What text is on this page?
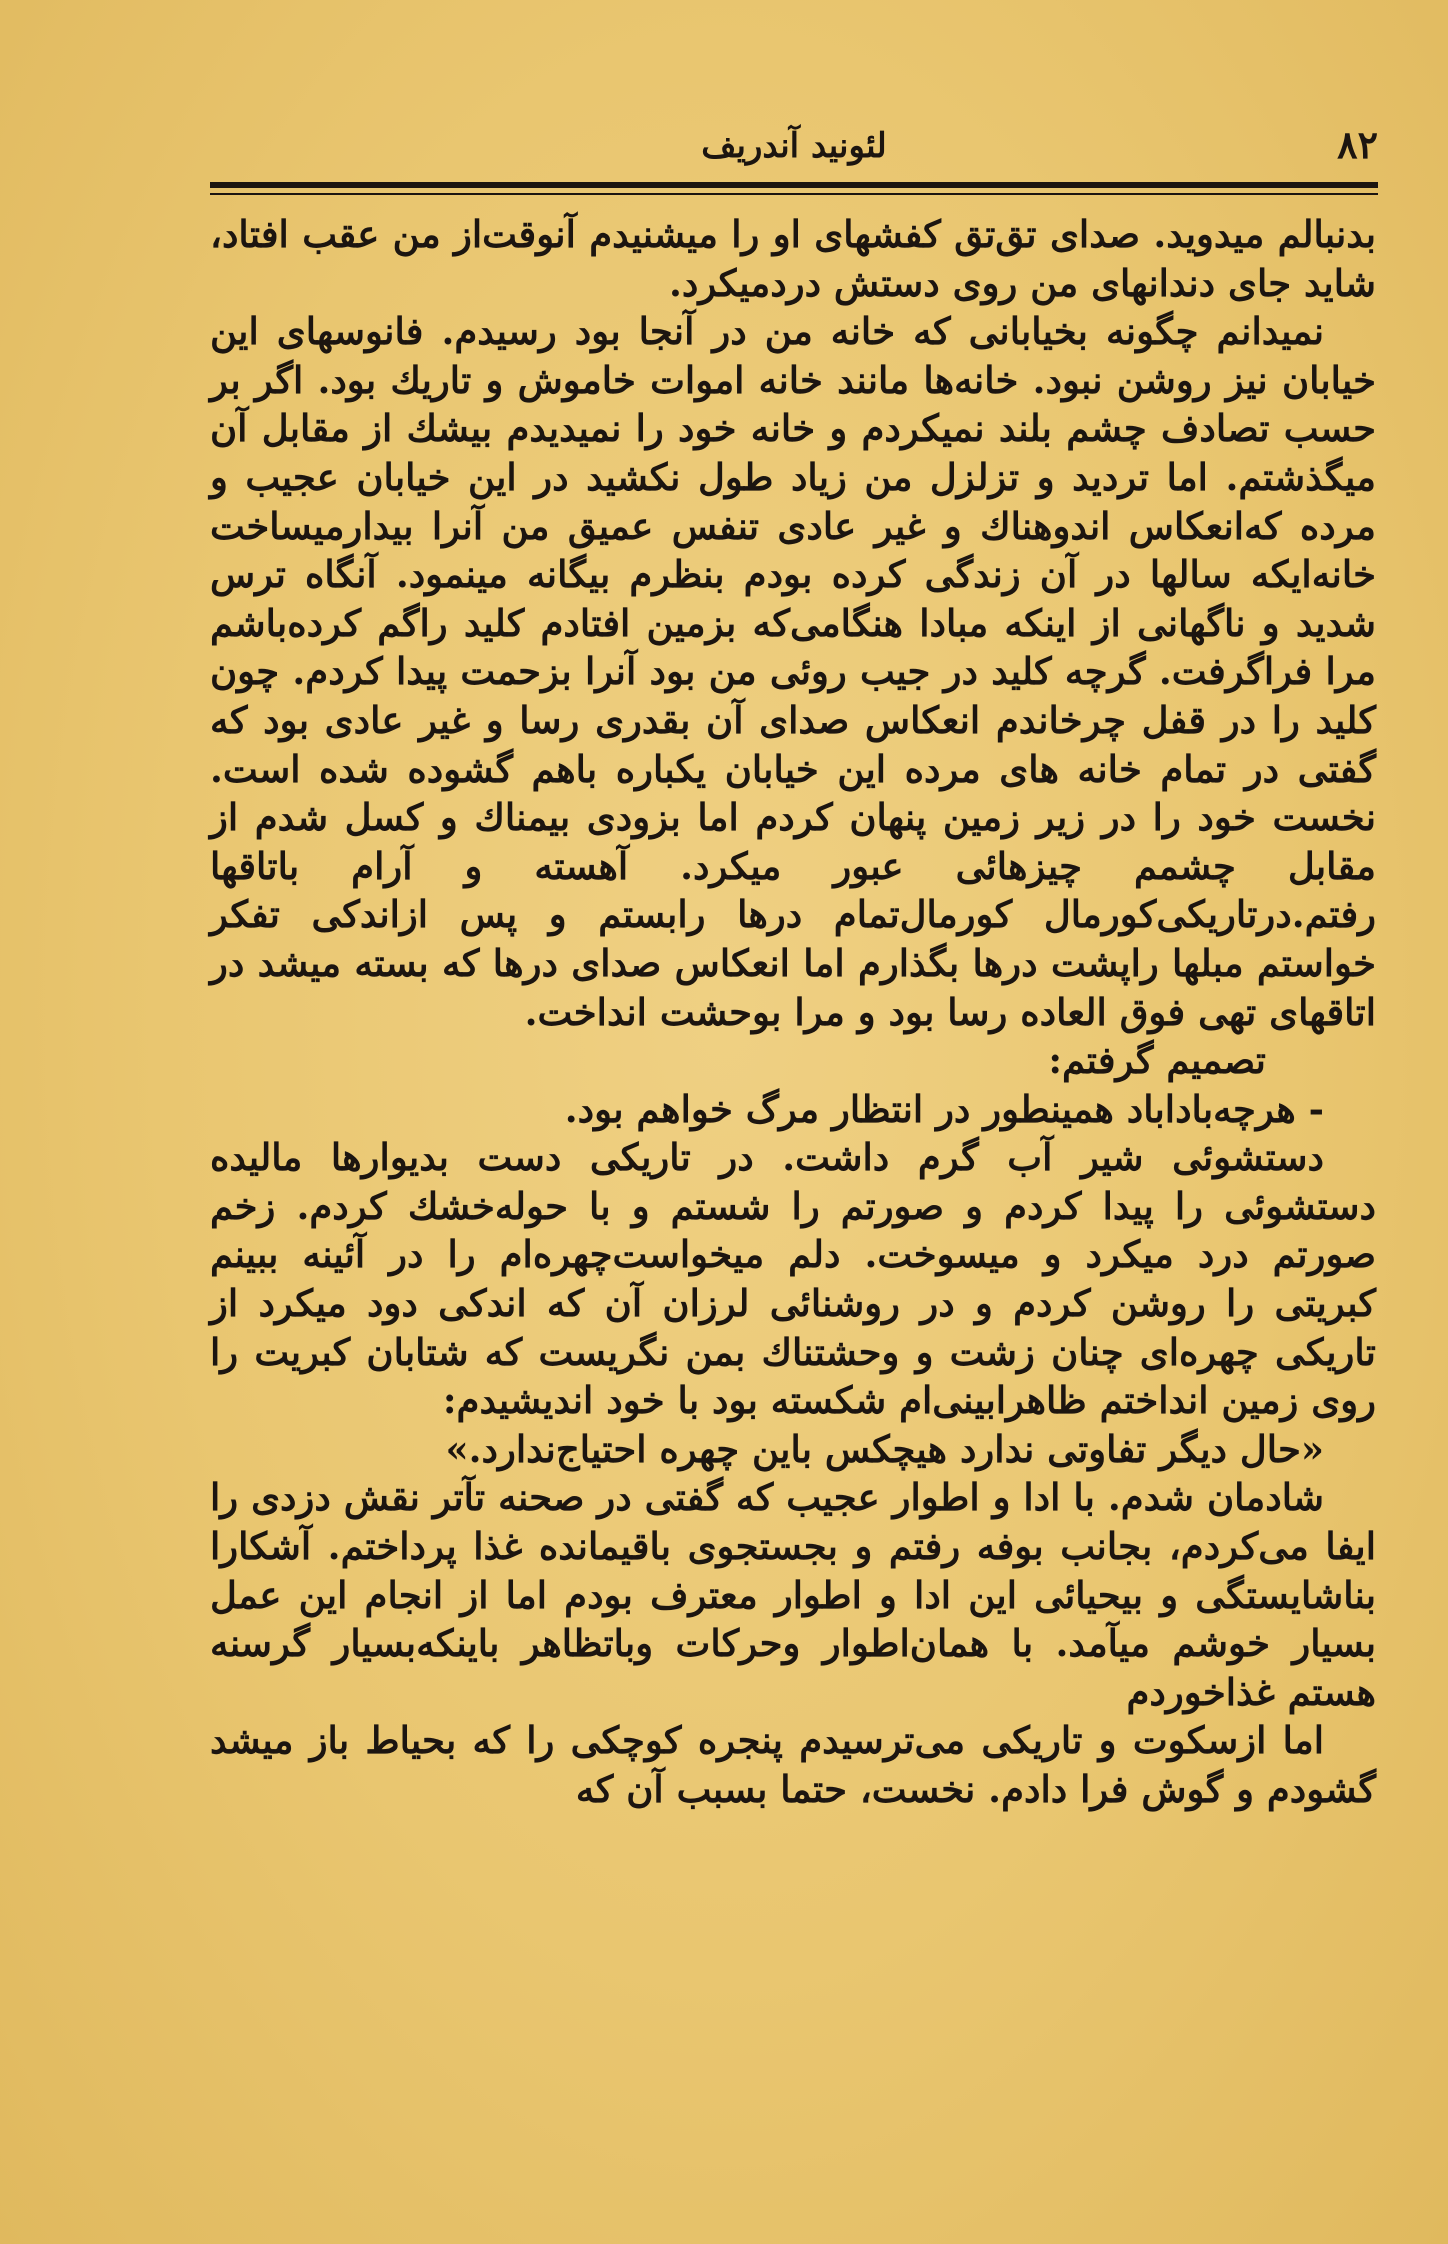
۸۲
لئونید آندریف

بدنبالم میدوید. صدای تق‌تق کفشهای او را میشنیدم آنوقت‌از من عقب افتاد، شاید جای دندانهای من روی دستش دردمیکرد.

نمیدانم چگونه بخیابانی که خانه من در آنجا بود رسیدم. فانوسهای این خیابان نیز روشن نبود. خانه‌ها مانند خانه اموات خاموش و تاریك بود. اگر بر حسب تصادف چشم بلند نمیکردم و خانه خود را نمیدیدم بیشك از مقابل آن میگذشتم. اما تردید و تزلزل من زیاد طول نکشید در این خیابان عجیب و مرده که‌انعکاس اندوهناك و غیر عادی تنفس عمیق من آنرا بیدارمیساخت خانه‌ایکه سالها در آن زندگی کرده بودم بنظرم بیگانه مینمود. آنگاه ترس شدید و ناگهانی از اینکه مبادا هنگامی‌که بزمین افتادم کلید راگم کرده‌باشم مرا فراگرفت. گرچه کلید در جیب روئی من بود آنرا بزحمت پیدا کردم. چون کلید را در قفل چرخاندم انعکاس صدای آن بقدری رسا و غیر عادی بود که گفتی در تمام خانه های مرده این خیابان یکباره باهم گشوده شده است. نخست خود را در زیر زمین پنهان کردم اما بزودی بیمناك و کسل شدم از مقابل چشمم چیزهائی عبور میکرد. آهسته و آرام باتاقها رفتم.درتاریکی‌کورمال کورمال‌تمام درها رابستم و پس ازاندکی تفکر خواستم مبلها راپشت درها بگذارم اما انعکاس صدای درها که بسته میشد در اتاقهای تهی فوق العاده رسا بود و مرا بوحشت انداخت.

تصمیم گرفتم:

- هرچه‌باداباد همینطور در انتظار مرگ خواهم بود.

دستشوئی شیر آب گرم داشت. در تاریکی دست بدیوارها مالیده دستشوئی را پیدا کردم و صورتم را شستم و با حوله‌خشك کردم. زخم صورتم درد میکرد و میسوخت. دلم میخواست‌چهره‌ام را در آئینه ببینم کبریتی را روشن کردم و در روشنائی لرزان آن که اندکی دود میکرد از تاریکی چهره‌ای چنان زشت و وحشتناك بمن نگریست که شتابان کبریت را روی زمین انداختم ظاهرابینی‌ام شکسته بود با خود اندیشیدم:

«حال دیگر تفاوتی ندارد هیچکس باین چهره احتیاج‌ندارد.»

شادمان شدم. با ادا و اطوار عجیب که گفتی در صحنه تآتر نقش دزدی را ایفا می‌کردم، بجانب بوفه رفتم و بجستجوی باقیمانده غذا پرداختم. آشکارا بناشایستگی و بیحیائی این ادا و اطوار معترف بودم اما از انجام این عمل بسیار خوشم میآمد. با همان‌اطوار وحرکات وباتظاهر باینکه‌بسیار گرسنه هستم غذاخوردم

اما ازسکوت و تاریکی می‌ترسیدم پنجره کوچکی را که بحیاط باز میشد گشودم و گوش فرا دادم. نخست، حتما بسبب آن که
